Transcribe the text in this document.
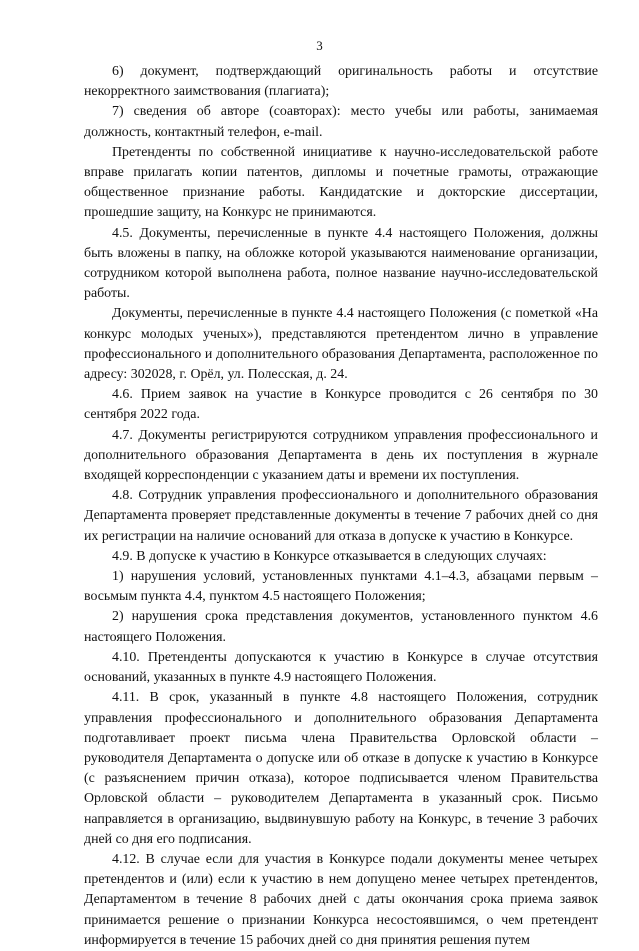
3

6) документ, подтверждающий оригинальность работы и отсутствие некорректного заимствования (плагиата);

7) сведения об авторе (соавторах): место учебы или работы, занимаемая должность, контактный телефон, e-mail.

Претенденты по собственной инициативе к научно-исследовательской работе вправе прилагать копии патентов, дипломы и почетные грамоты, отражающие общественное признание работы. Кандидатские и докторские диссертации, прошедшие защиту, на Конкурс не принимаются.

4.5. Документы, перечисленные в пункте 4.4 настоящего Положения, должны быть вложены в папку, на обложке которой указываются наименование организации, сотрудником которой выполнена работа, полное название научно-исследовательской работы.

Документы, перечисленные в пункте 4.4 настоящего Положения (с пометкой «На конкурс молодых ученых»), представляются претендентом лично в управление профессионального и дополнительного образования Департамента, расположенное по адресу: 302028, г. Орёл, ул. Полесская, д. 24.

4.6. Прием заявок на участие в Конкурсе проводится с 26 сентября по 30 сентября 2022 года.

4.7. Документы регистрируются сотрудником управления профессионального и дополнительного образования Департамента в день их поступления в журнале входящей корреспонденции с указанием даты и времени их поступления.

4.8. Сотрудник управления профессионального и дополнительного образования Департамента проверяет представленные документы в течение 7 рабочих дней со дня их регистрации на наличие оснований для отказа в допуске к участию в Конкурсе.

4.9. В допуске к участию в Конкурсе отказывается в следующих случаях:

1) нарушения условий, установленных пунктами 4.1–4.3, абзацами первым – восьмым пункта 4.4, пунктом 4.5 настоящего Положения;

2) нарушения срока представления документов, установленного пунктом 4.6 настоящего Положения.

4.10. Претенденты допускаются к участию в Конкурсе в случае отсутствия оснований, указанных в пункте 4.9 настоящего Положения.

4.11. В срок, указанный в пункте 4.8 настоящего Положения, сотрудник управления профессионального и дополнительного образования Департамента подготавливает проект письма члена Правительства Орловской области – руководителя Департамента о допуске или об отказе в допуске к участию в Конкурсе (с разъяснением причин отказа), которое подписывается членом Правительства Орловской области – руководителем Департамента в указанный срок. Письмо направляется в организацию, выдвинувшую работу на Конкурс, в течение 3 рабочих дней со дня его подписания.

4.12. В случае если для участия в Конкурсе подали документы менее четырех претендентов и (или) если к участию в нем допущено менее четырех претендентов, Департаментом в течение 8 рабочих дней с даты окончания срока приема заявок принимается решение о признании Конкурса несостоявшимся, о чем претендент информируется в течение 15 рабочих дней со дня принятия решения путем
